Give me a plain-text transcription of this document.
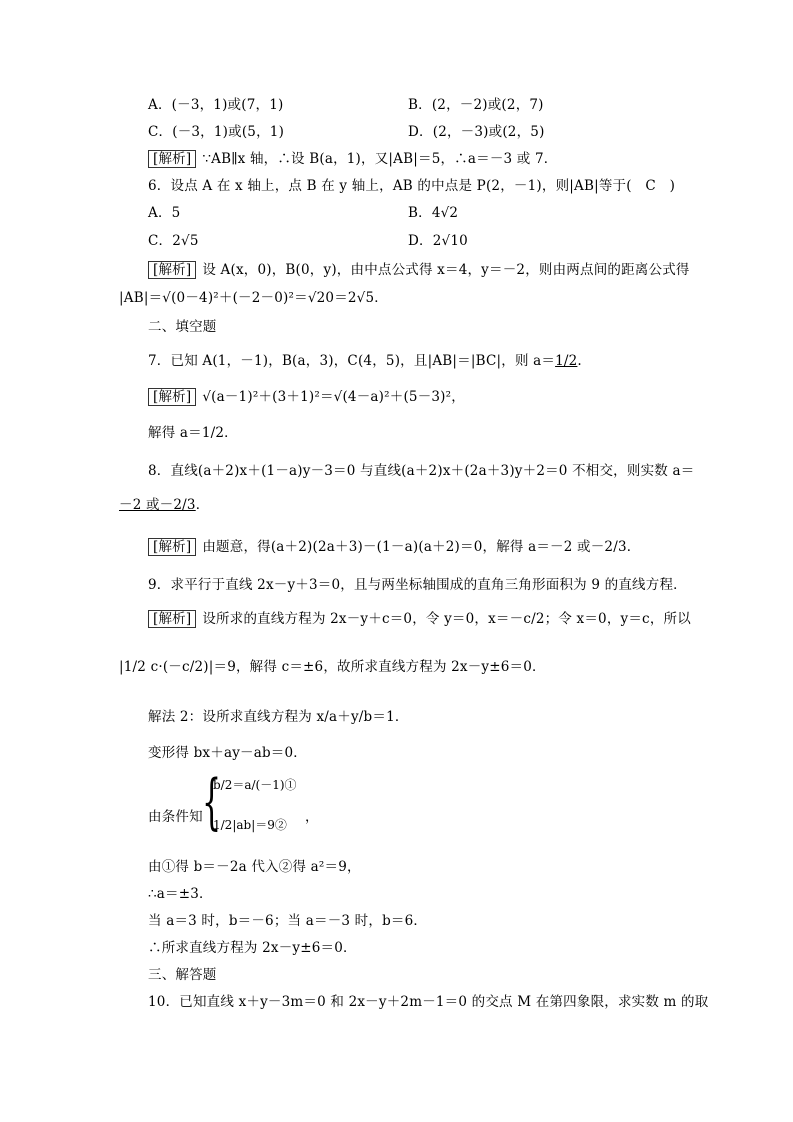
A．(－3，1)或(7，1)	B．(2，－2)或(2，7)
C．(－3，1)或(5，1)	D．(2，－3)或(2，5)
[解析] ∵AB∥x 轴，∴设 B(a，1)，又|AB|＝5，∴a＝－3 或 7．
6．设点 A 在 x 轴上，点 B 在 y 轴上，AB 的中点是 P(2，－1)，则|AB|等于(　C　)
A．5	B．4√2
C．2√5	D．2√10
[解析] 设 A(x，0)，B(0，y)，由中点公式得 x＝4，y＝－2，则由两点间的距离公式得
|AB|＝√(0－4)²＋(－2－0)²＝√20＝2√5．
二、填空题
7．已知 A(1，－1)，B(a，3)，C(4，5)，且|AB|＝|BC|，则 a＝1/2.
[解析] √(a－1)²＋(3＋1)²＝√(4－a)²＋(5－3)²，
解得 a＝1/2．
8．直线(a＋2)x＋(1－a)y－3＝0 与直线(a＋2)x＋(2a＋3)y＋2＝0 不相交，则实数 a＝
－2 或－2/3．
[解析] 由题意，得(a＋2)(2a＋3)－(1－a)(a＋2)＝0，解得 a＝－2 或－2/3．
9．求平行于直线 2x－y＋3＝0，且与两坐标轴围成的直角三角形面积为 9 的直线方程．
[解析] 设所求的直线方程为 2x－y＋c＝0，令 y＝0，x＝－c/2；令 x＝0，y＝c，所以
|1/2 c·(－c/2)|＝9，解得 c＝±6，故所求直线方程为 2x－y±6＝0．
解法 2：设所求直线方程为 x/a＋y/b＝1．
变形得 bx＋ay－ab＝0．
由条件知 {
b/2＝a/(－1)①
1/2|ab|＝9② ，
由①得 b＝－2a 代入②得 a²＝9，
∴a＝±3．
当 a＝3 时，b＝－6；当 a＝－3 时，b＝6．
∴所求直线方程为 2x－y±6＝0．
三、解答题
10．已知直线 x＋y－3m＝0 和 2x－y＋2m－1＝0 的交点 M 在第四象限，求实数 m 的取
